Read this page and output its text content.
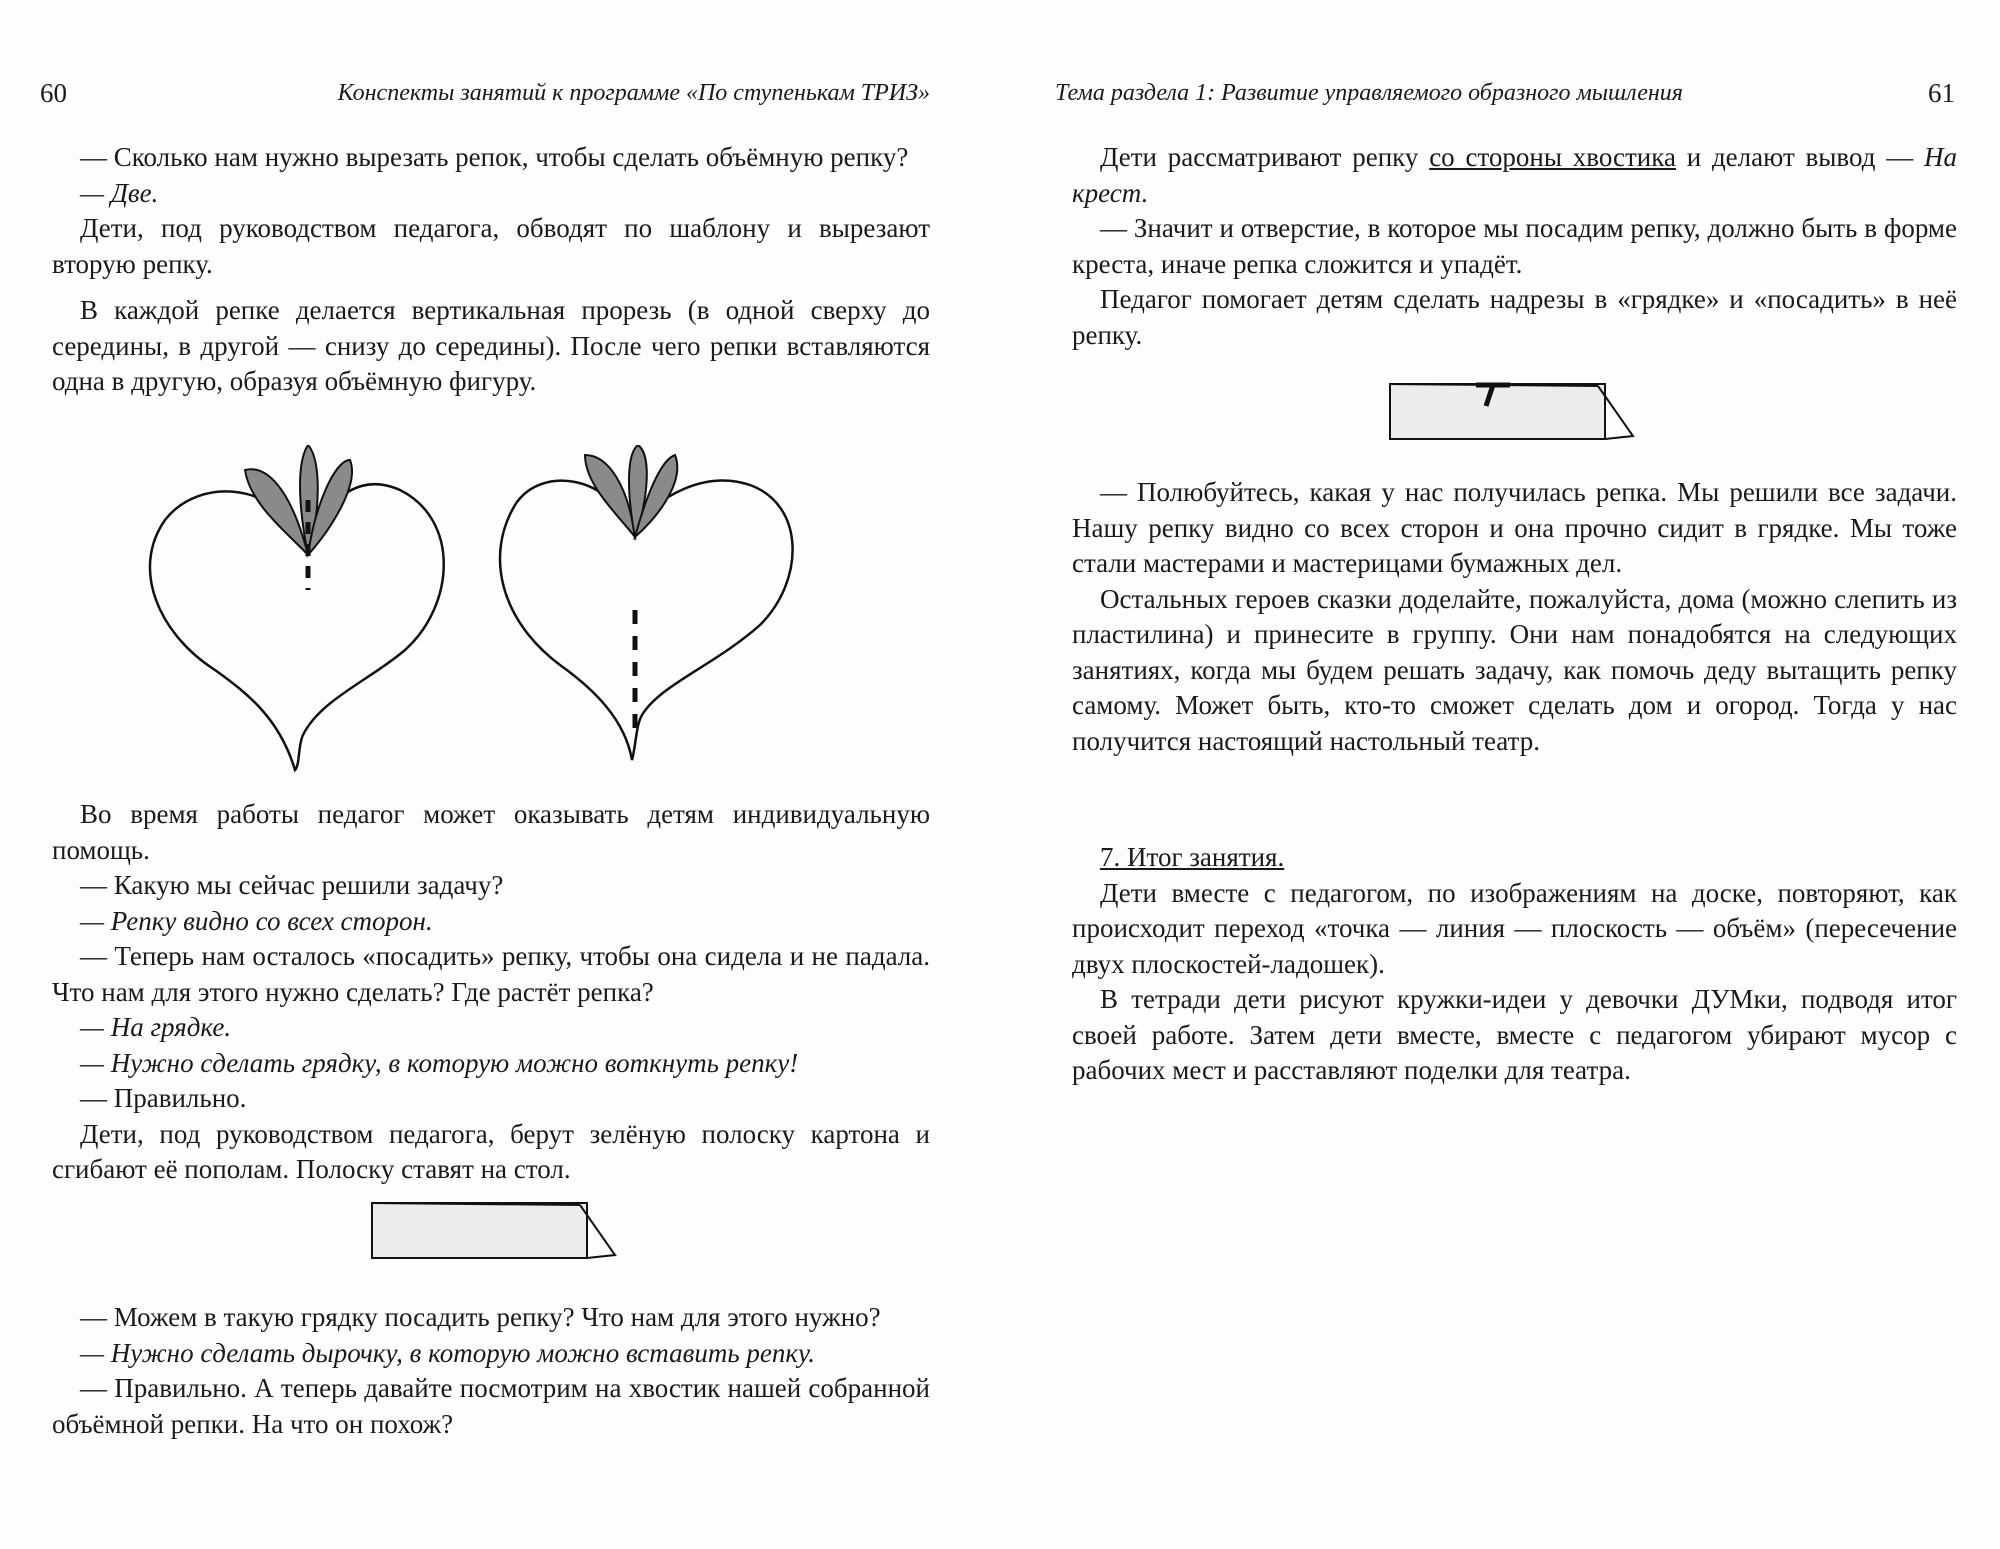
60	Конспекты занятий к программе «По ступенькам ТРИЗ»

— Сколько нам нужно вырезать репок, чтобы сделать объёмную репку?

— Две.

Дети, под руководством педагога, обводят по шаблону и вырезают вторую репку.

В каждой репке делается вертикальная прорезь (в одной сверху до середины, в другой — снизу до середины). После чего репки вставляются одна в другую, образуя объёмную фигуру.

Во время работы педагог может оказывать детям индивидуальную помощь.

— Какую мы сейчас решили задачу?

— Репку видно со всех сторон.

— Теперь нам осталось «посадить» репку, чтобы она сидела и не падала. Что нам для этого нужно сделать? Где растёт репка?

— На грядке.

— Нужно сделать грядку, в которую можно воткнуть репку!

— Правильно.

Дети, под руководством педагога, берут зелёную полоску картона и сгибают её пополам. Полоску ставят на стол.

— Можем в такую грядку посадить репку? Что нам для этого нужно?

— Нужно сделать дырочку, в которую можно вставить репку.

— Правильно. А теперь давайте посмотрим на хвостик нашей собранной объёмной репки. На что он похож?

Тема раздела 1: Развитие управляемого образного мышления	61

Дети рассматривают репку со стороны хвостика и делают вывод — На крест.

— Значит и отверстие, в которое мы посадим репку, должно быть в форме креста, иначе репка сложится и упадёт.

Педагог помогает детям сделать надрезы в «грядке» и «посадить» в неё репку.

— Полюбуйтесь, какая у нас получилась репка. Мы решили все задачи. Нашу репку видно со всех сторон и она прочно сидит в грядке. Мы тоже стали мастерами и мастерицами бумажных дел.

Остальных героев сказки доделайте, пожалуйста, дома (можно слепить из пластилина) и принесите в группу. Они нам понадобятся на следующих занятиях, когда мы будем решать задачу, как помочь деду вытащить репку самому. Может быть, кто-то сможет сделать дом и огород. Тогда у нас получится настоящий настольный театр.

7. Итог занятия.

Дети вместе с педагогом, по изображениям на доске, повторяют, как происходит переход «точка — линия — плоскость — объём» (пересечение двух плоскостей-ладошек).

В тетради дети рисуют кружки-идеи у девочки ДУМки, подводя итог своей работе. Затем дети вместе, вместе с педагогом убирают мусор с рабочих мест и расставляют поделки для театра.
